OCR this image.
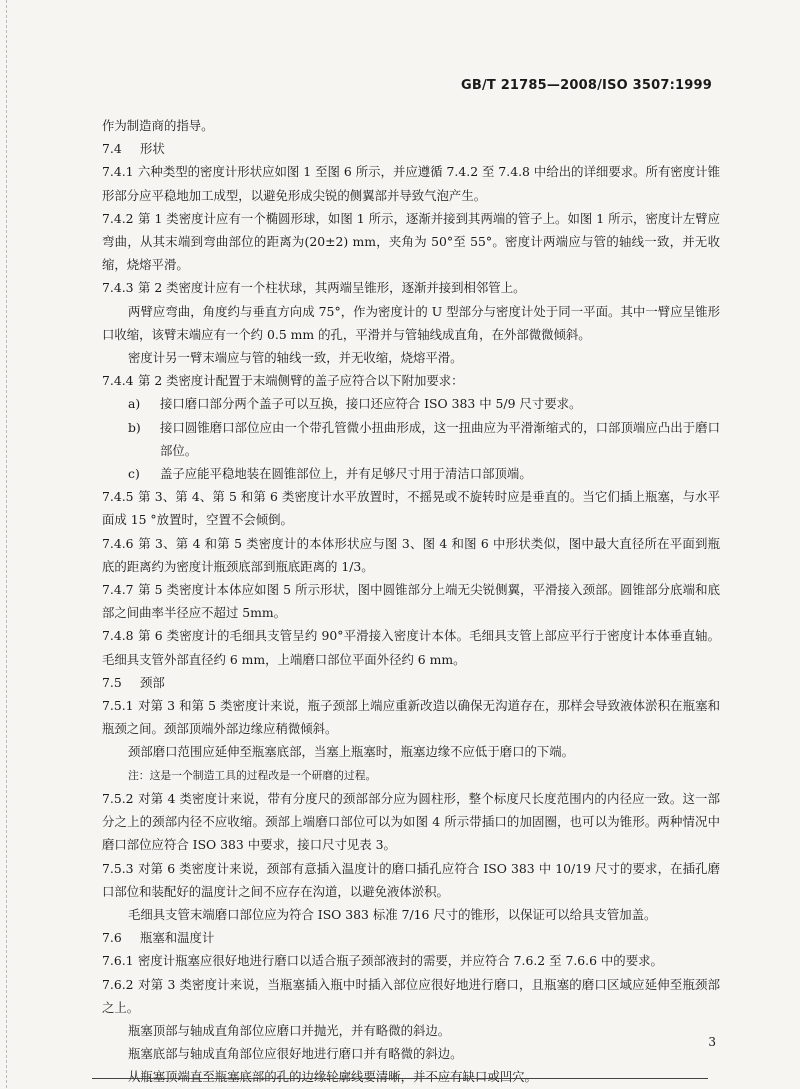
GB/T 21785—2008/ISO 3507:1999

作为制造商的指导。

7.4 形状

7.4.1 六种类型的密度计形状应如图 1 至图 6 所示，并应遵循 7.4.2 至 7.4.8 中给出的详细要求。所有密度计锥形部分应平稳地加工成型，以避免形成尖锐的侧翼部并导致气泡产生。

7.4.2 第 1 类密度计应有一个椭圆形球，如图 1 所示，逐渐并接到其两端的管子上。如图 1 所示，密度计左臂应弯曲，从其末端到弯曲部位的距离为(20±2) mm，夹角为 50°至 55°。密度计两端应与管的轴线一致，并无收缩，烧熔平滑。

7.4.3 第 2 类密度计应有一个柱状球，其两端呈锥形，逐渐并接到相邻管上。

两臂应弯曲，角度约与垂直方向成 75°，作为密度计的 U 型部分与密度计处于同一平面。其中一臂应呈锥形口收缩，该臂末端应有一个约 0.5 mm 的孔，平滑并与管轴线成直角，在外部微微倾斜。

密度计另一臂末端应与管的轴线一致，并无收缩，烧熔平滑。

7.4.4 第 2 类密度计配置于末端侧臂的盖子应符合以下附加要求：

a)	接口磨口部分两个盖子可以互换，接口还应符合 ISO 383 中 5/9 尺寸要求。
b)	接口圆锥磨口部位应由一个带孔管微小扭曲形成，这一扭曲应为平滑渐缩式的，口部顶端应凸出于磨口部位。
c)	盖子应能平稳地装在圆锥部位上，并有足够尺寸用于清洁口部顶端。

7.4.5 第 3、第 4、第 5 和第 6 类密度计水平放置时，不摇晃或不旋转时应是垂直的。当它们插上瓶塞，与水平面成 15 °放置时，空置不会倾倒。

7.4.6 第 3、第 4 和第 5 类密度计的本体形状应与图 3、图 4 和图 6 中形状类似，图中最大直径所在平面到瓶底的距离约为密度计瓶颈底部到瓶底距离的 1/3。

7.4.7 第 5 类密度计本体应如图 5 所示形状，图中圆锥部分上端无尖锐侧翼，平滑接入颈部。圆锥部分底端和底部之间曲率半径应不超过 5mm。

7.4.8 第 6 类密度计的毛细具支管呈约 90°平滑接入密度计本体。毛细具支管上部应平行于密度计本体垂直轴。毛细具支管外部直径约 6 mm，上端磨口部位平面外径约 6 mm。

7.5 颈部

7.5.1 对第 3 和第 5 类密度计来说，瓶子颈部上端应重新改造以确保无沟道存在，那样会导致液体淤积在瓶塞和瓶颈之间。颈部顶端外部边缘应稍微倾斜。

颈部磨口范围应延伸至瓶塞底部，当塞上瓶塞时，瓶塞边缘不应低于磨口的下端。

注：这是一个制造工具的过程改是一个研磨的过程。

7.5.2 对第 4 类密度计来说，带有分度尺的颈部部分应为圆柱形，整个标度尺长度范围内的内径应一致。这一部分之上的颈部内径不应收缩。颈部上端磨口部位可以为如图 4 所示带插口的加固圈，也可以为锥形。两种情况中磨口部位应符合 ISO 383 中要求，接口尺寸见表 3。

7.5.3 对第 6 类密度计来说，颈部有意插入温度计的磨口插孔应符合 ISO 383 中 10/19 尺寸的要求，在插孔磨口部位和装配好的温度计之间不应存在沟道，以避免液体淤积。

毛细具支管末端磨口部位应为符合 ISO 383 标准 7/16 尺寸的锥形，以保证可以给具支管加盖。

7.6 瓶塞和温度计

7.6.1 密度计瓶塞应很好地进行磨口以适合瓶子颈部液封的需要，并应符合 7.6.2 至 7.6.6 中的要求。

7.6.2 对第 3 类密度计来说，当瓶塞插入瓶中时插入部位应很好地进行磨口，且瓶塞的磨口区域应延伸至瓶颈部之上。

瓶塞顶部与轴成直角部位应磨口并抛光，并有略微的斜边。

瓶塞底部与轴成直角部位应很好地进行磨口并有略微的斜边。

从瓶塞顶端直至瓶塞底部的孔的边缘轮廓线要清晰，并不应有缺口或凹穴。

3
